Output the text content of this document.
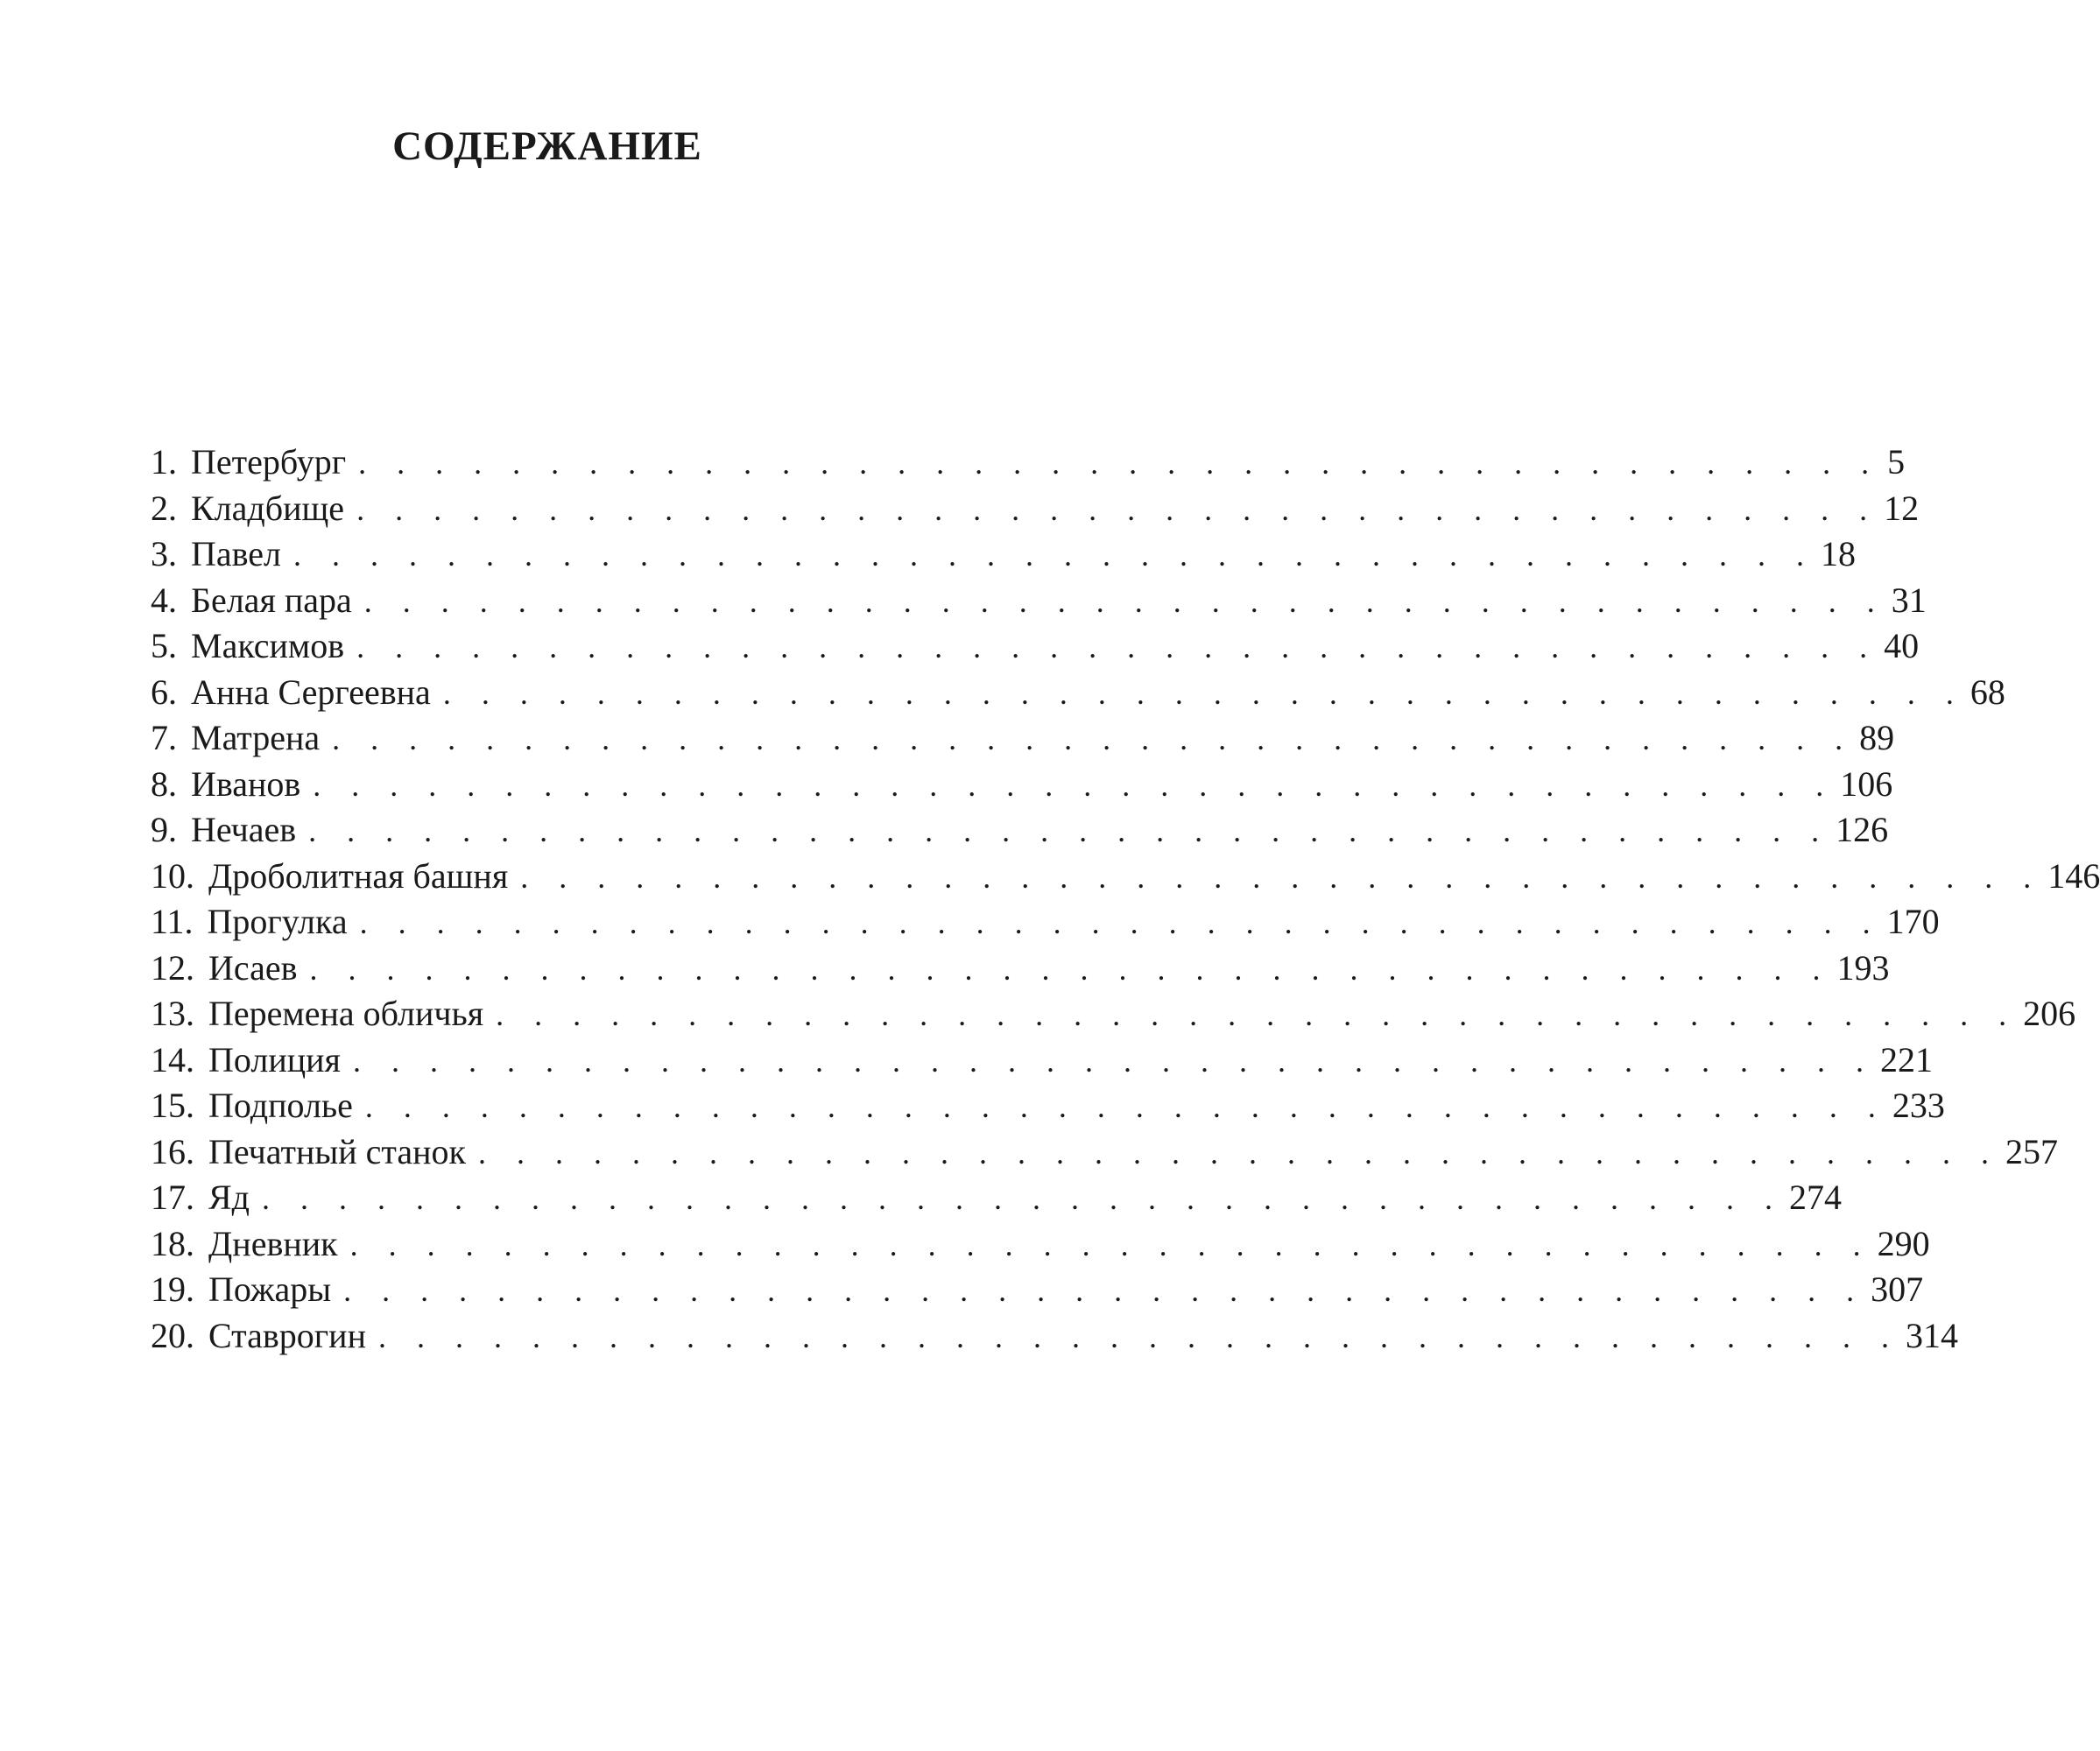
СОДЕРЖАНИЕ
1. Петербург . . . . . . . . . . . . . . . . . . . . . . . . . . . . . . . . . . . . . . . . 5
2. Кладбище . . . . . . . . . . . . . . . . . . . . . . . . . . . . . . . . . . . . . . . . 12
3. Павел . . . . . . . . . . . . . . . . . . . . . . . . . . . . . . . . . . . . . . . . 18
4. Белая пара . . . . . . . . . . . . . . . . . . . . . . . . . . . . . . . . . . . . . . . . 31
5. Максимов . . . . . . . . . . . . . . . . . . . . . . . . . . . . . . . . . . . . . . . . 40
6. Анна Сергеевна . . . . . . . . . . . . . . . . . . . . . . . . . . . . . . . . . . . . . . . . 68
7. Матрена . . . . . . . . . . . . . . . . . . . . . . . . . . . . . . . . . . . . . . . . 89
8. Иванов . . . . . . . . . . . . . . . . . . . . . . . . . . . . . . . . . . . . . . . . 106
9. Нечаев . . . . . . . . . . . . . . . . . . . . . . . . . . . . . . . . . . . . . . . . 126
10. Дроболитная башня . . . . . . . . . . . . . . . . . . . . . . . . . . . . . . . . . . . . . . . . 146
11. Прогулка . . . . . . . . . . . . . . . . . . . . . . . . . . . . . . . . . . . . . . . . 170
12. Исаев . . . . . . . . . . . . . . . . . . . . . . . . . . . . . . . . . . . . . . . . 193
13. Перемена обличья . . . . . . . . . . . . . . . . . . . . . . . . . . . . . . . . . . . . . . . . 206
14. Полиция . . . . . . . . . . . . . . . . . . . . . . . . . . . . . . . . . . . . . . . . 221
15. Подполье . . . . . . . . . . . . . . . . . . . . . . . . . . . . . . . . . . . . . . . . 233
16. Печатный станок . . . . . . . . . . . . . . . . . . . . . . . . . . . . . . . . . . . . . . . . 257
17. Яд . . . . . . . . . . . . . . . . . . . . . . . . . . . . . . . . . . . . . . . . 274
18. Дневник . . . . . . . . . . . . . . . . . . . . . . . . . . . . . . . . . . . . . . . . 290
19. Пожары . . . . . . . . . . . . . . . . . . . . . . . . . . . . . . . . . . . . . . . . 307
20. Ставрогин . . . . . . . . . . . . . . . . . . . . . . . . . . . . . . . . . . . . . . . . 314
